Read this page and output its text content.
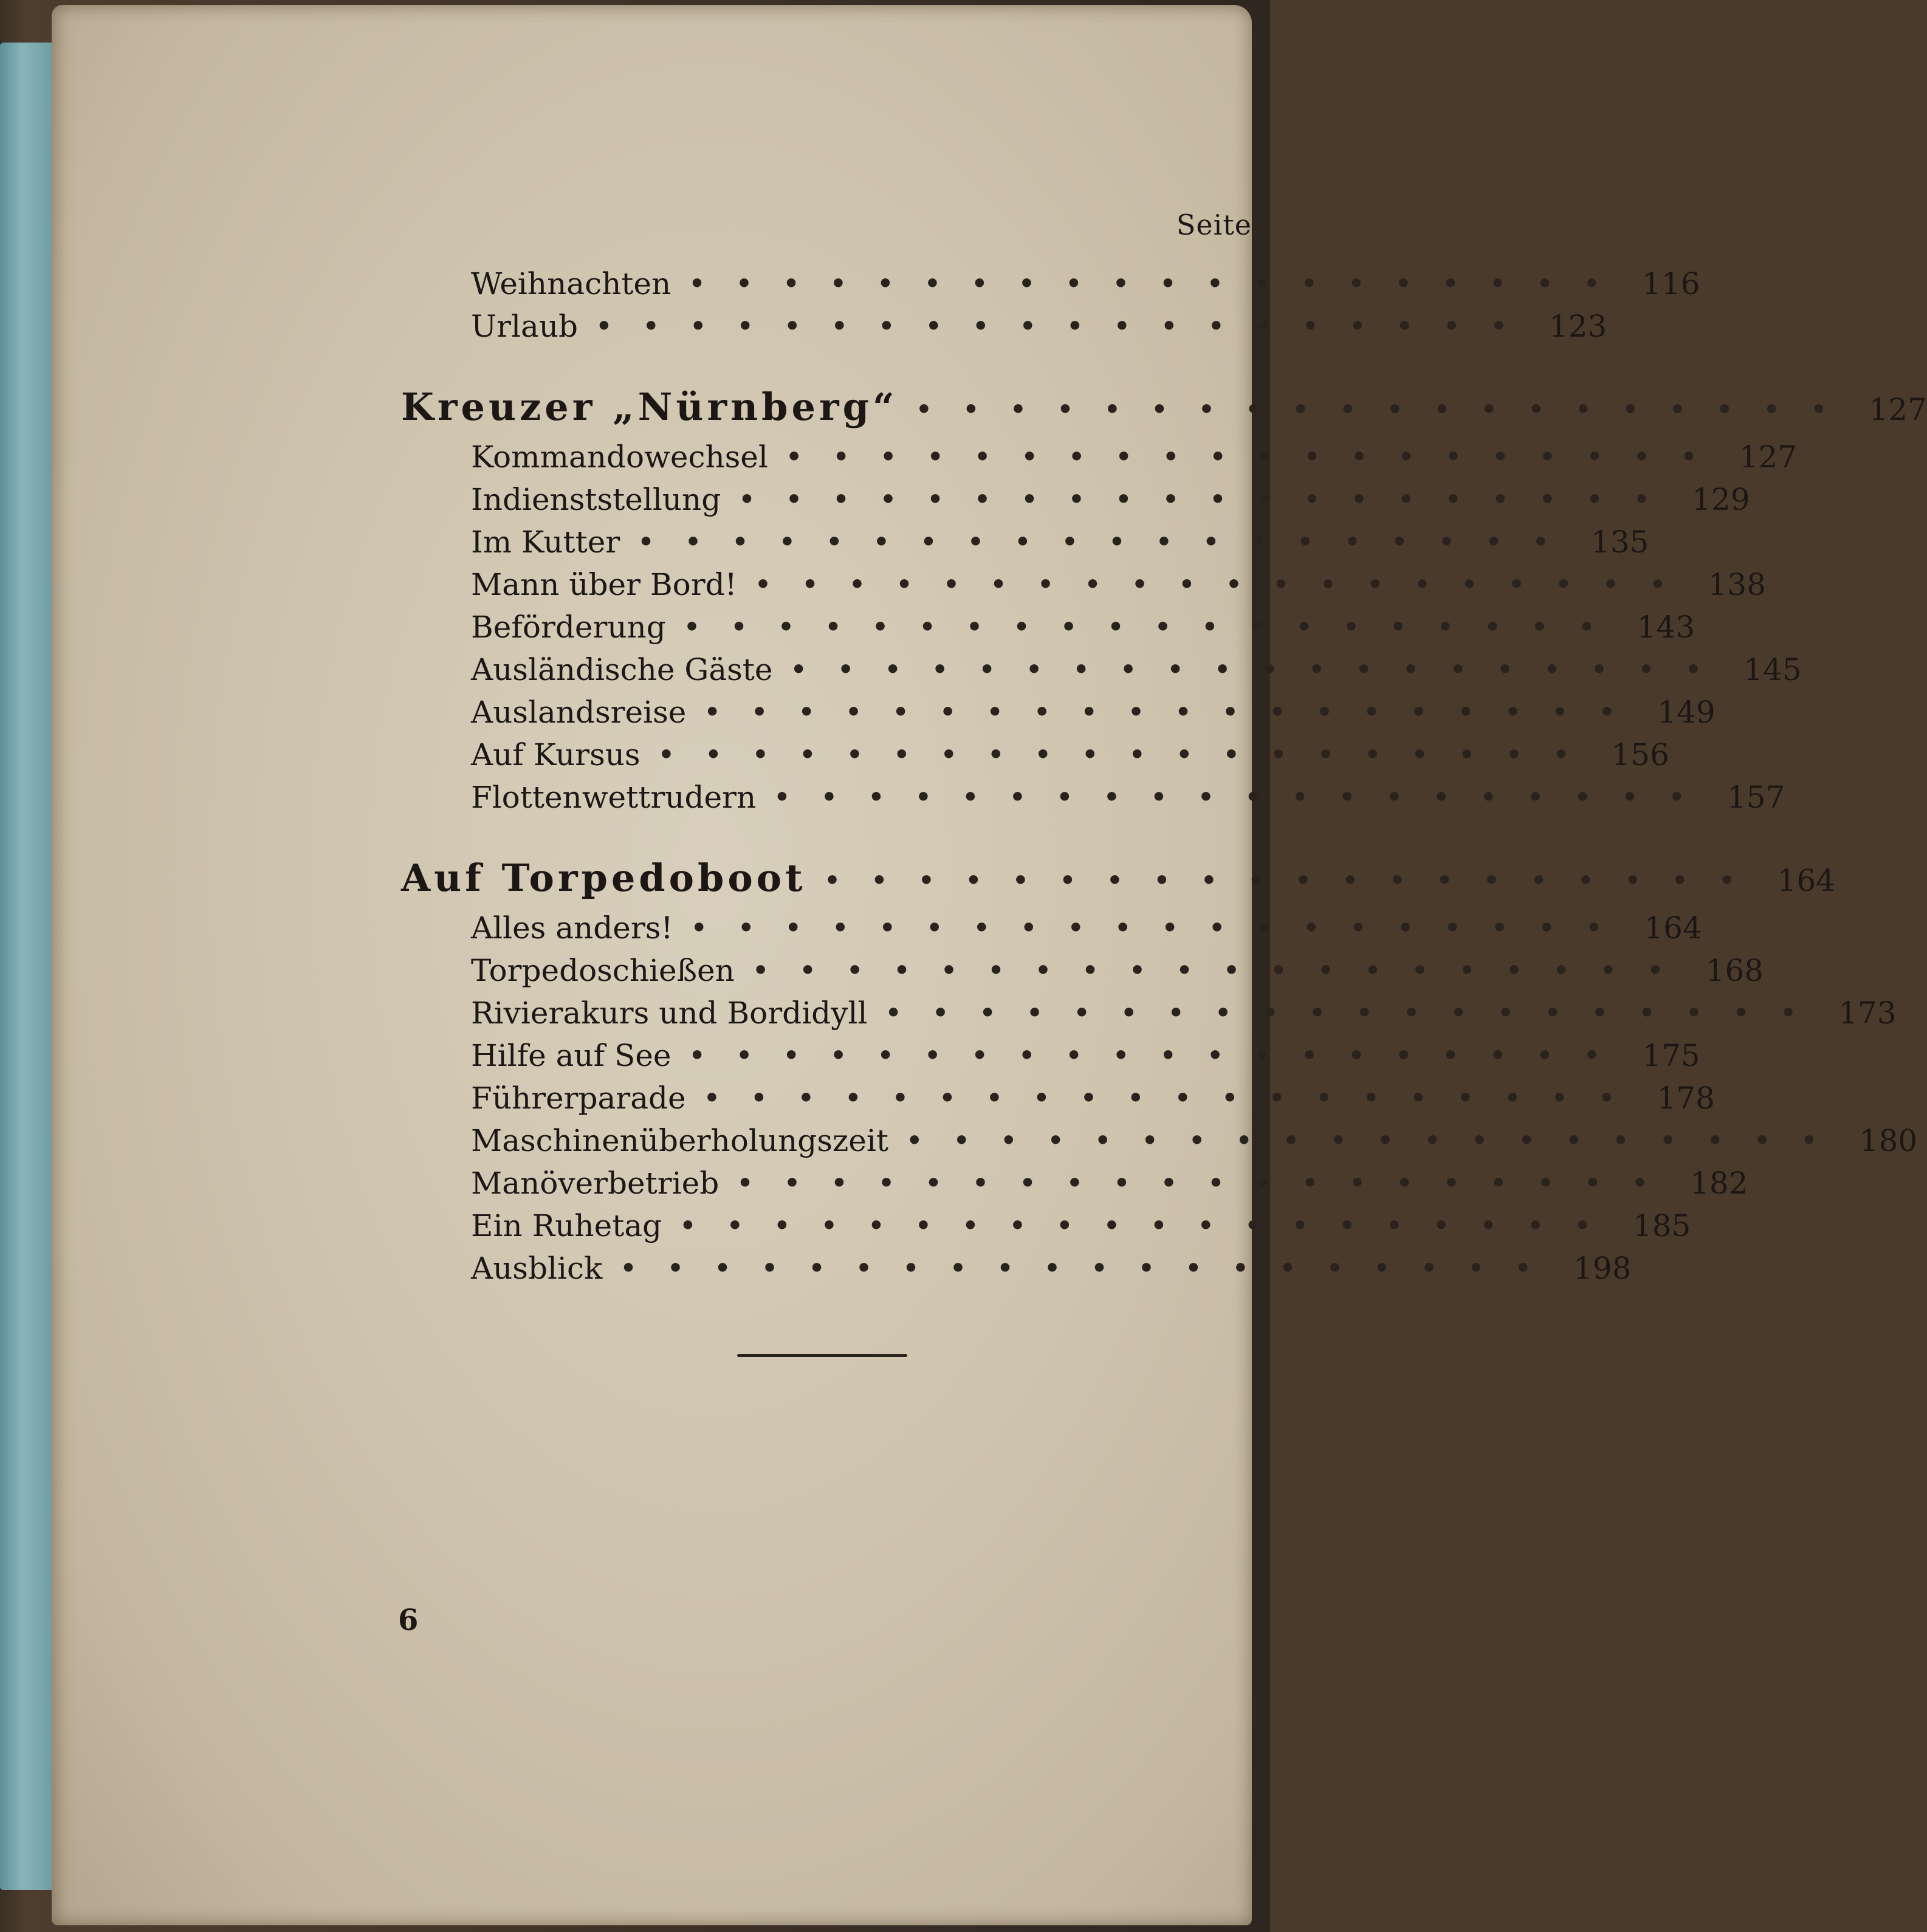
Seite
Weihnachten •••••••••••••••••••• 116
Urlaub •••••••••••••••••••• 123
Kreuzer „Nürnberg“ •••••••••••••••••••• 127
Kommandowechsel •••••••••••••••••••• 127
Indienststellung •••••••••••••••••••• 129
Im Kutter •••••••••••••••••••• 135
Mann über Bord! •••••••••••••••••••• 138
Beförderung •••••••••••••••••••• 143
Ausländische Gäste •••••••••••••••••••• 145
Auslandsreise •••••••••••••••••••• 149
Auf Kursus •••••••••••••••••••• 156
Flottenwettrudern •••••••••••••••••••• 157
Auf Torpedoboot •••••••••••••••••••• 164
Alles anders! •••••••••••••••••••• 164
Torpedoschießen •••••••••••••••••••• 168
Rivierakurs und Bordidyll •••••••••••••••••••• 173
Hilfe auf See •••••••••••••••••••• 175
Führerparade •••••••••••••••••••• 178
Maschinenüberholungszeit •••••••••••••••••••• 180
Manöverbetrieb •••••••••••••••••••• 182
Ein Ruhetag •••••••••••••••••••• 185
Ausblick •••••••••••••••••••• 198
6
